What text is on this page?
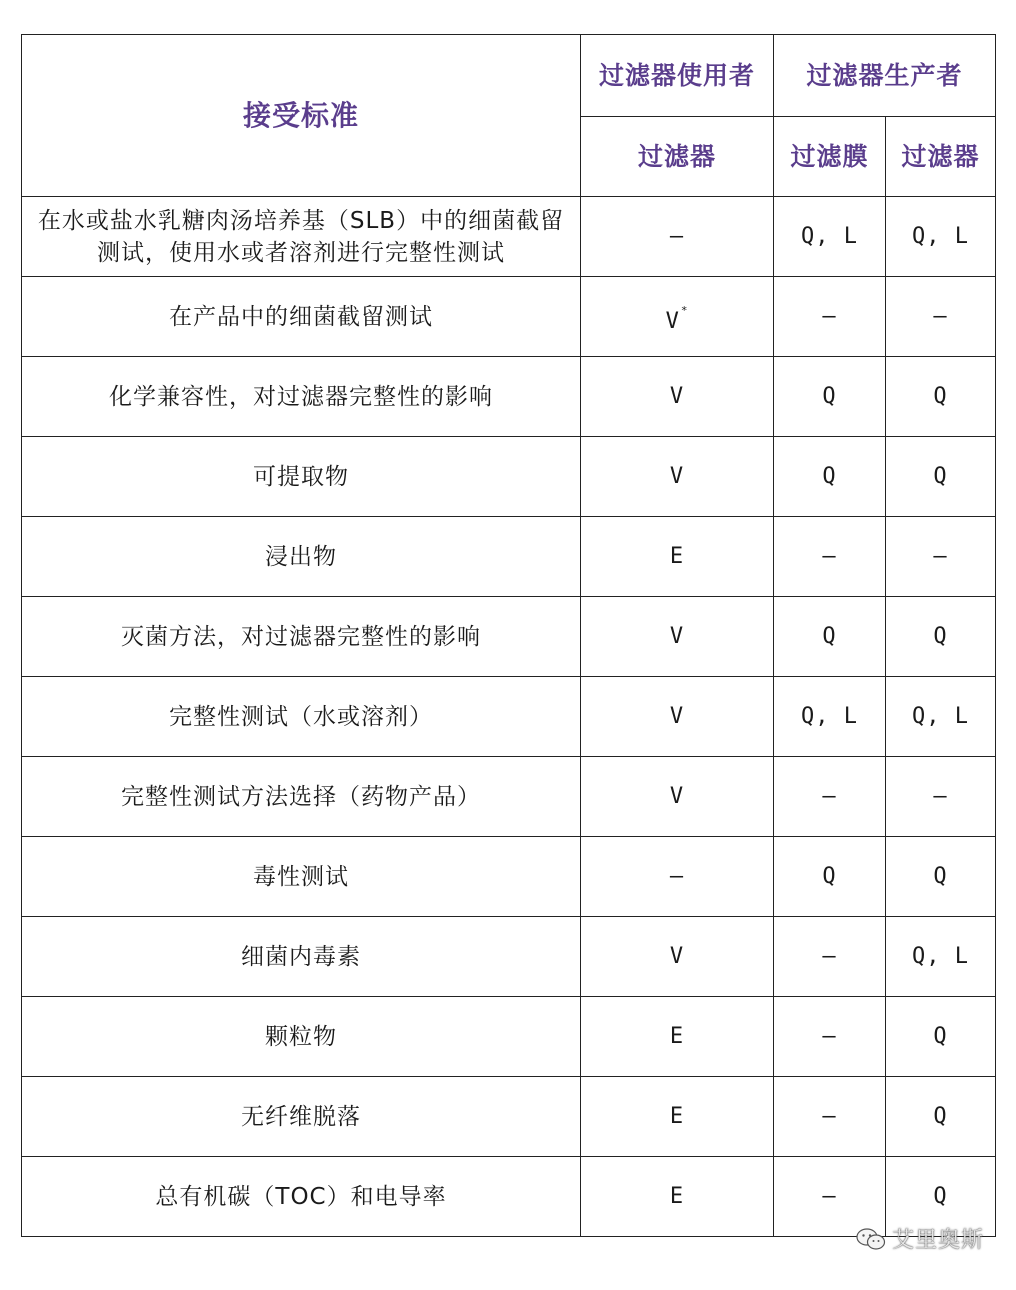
接受标准	过滤器使用者	过滤器生产者	
	过滤器	过滤膜	过滤器
在水或盐水乳糖肉汤培养基（SLB）中的细菌截留测试，使用水或者溶剂进行完整性测试	–	Q, L	Q, L
在产品中的细菌截留测试	V*	–	–
化学兼容性，对过滤器完整性的影响	V	Q	Q
可提取物	V	Q	Q
浸出物	E	–	–
灭菌方法，对过滤器完整性的影响	V	Q	Q
完整性测试（水或溶剂）	V	Q, L	Q, L
完整性测试方法选择（药物产品）	V	–	–
毒性测试	–	Q	Q
细菌内毒素	V	–	Q, L
颗粒物	E	–	Q
无纤维脱落	E	–	Q
总有机碳（TOC）和电导率	E	–	Q
艾里奥斯
